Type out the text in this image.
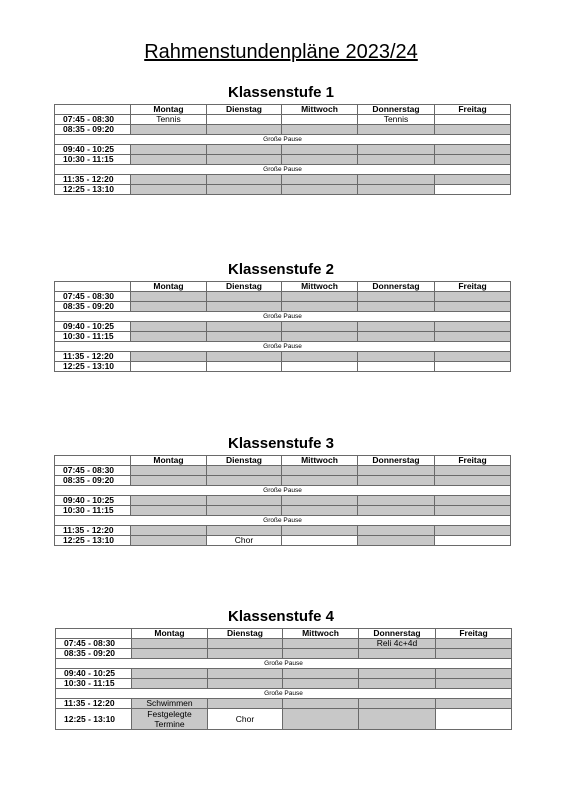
Rahmenstundenpläne 2023/24
Klassenstufe 1
	Montag	Dienstag	Mittwoch	Donnerstag	Freitag
07:45 - 08:30	Tennis			Tennis	
08:35 - 09:20					
Große Pause					
09:40 - 10:25					
10:30 - 11:15					
Große Pause					
11:35 - 12:20					
12:25 - 13:10					
Klassenstufe 2
	Montag	Dienstag	Mittwoch	Donnerstag	Freitag
07:45 - 08:30					
08:35 - 09:20					
Große Pause					
09:40 - 10:25					
10:30 - 11:15					
Große Pause					
11:35 - 12:20					
12:25 - 13:10					
Klassenstufe 3
	Montag	Dienstag	Mittwoch	Donnerstag	Freitag
07:45 - 08:30					
08:35 - 09:20					
Große Pause					
09:40 - 10:25					
10:30 - 11:15					
Große Pause					
11:35 - 12:20					
12:25 - 13:10		Chor			
Klassenstufe 4
	Montag	Dienstag	Mittwoch	Donnerstag	Freitag
07:45 - 08:30				Reli 4c+4d	
08:35 - 09:20					
Große Pause					
09:40 - 10:25					
10:30 - 11:15					
Große Pause					
11:35 - 12:20	Schwimmen				
12:25 - 13:10	Festgelegte Termine	Chor			
